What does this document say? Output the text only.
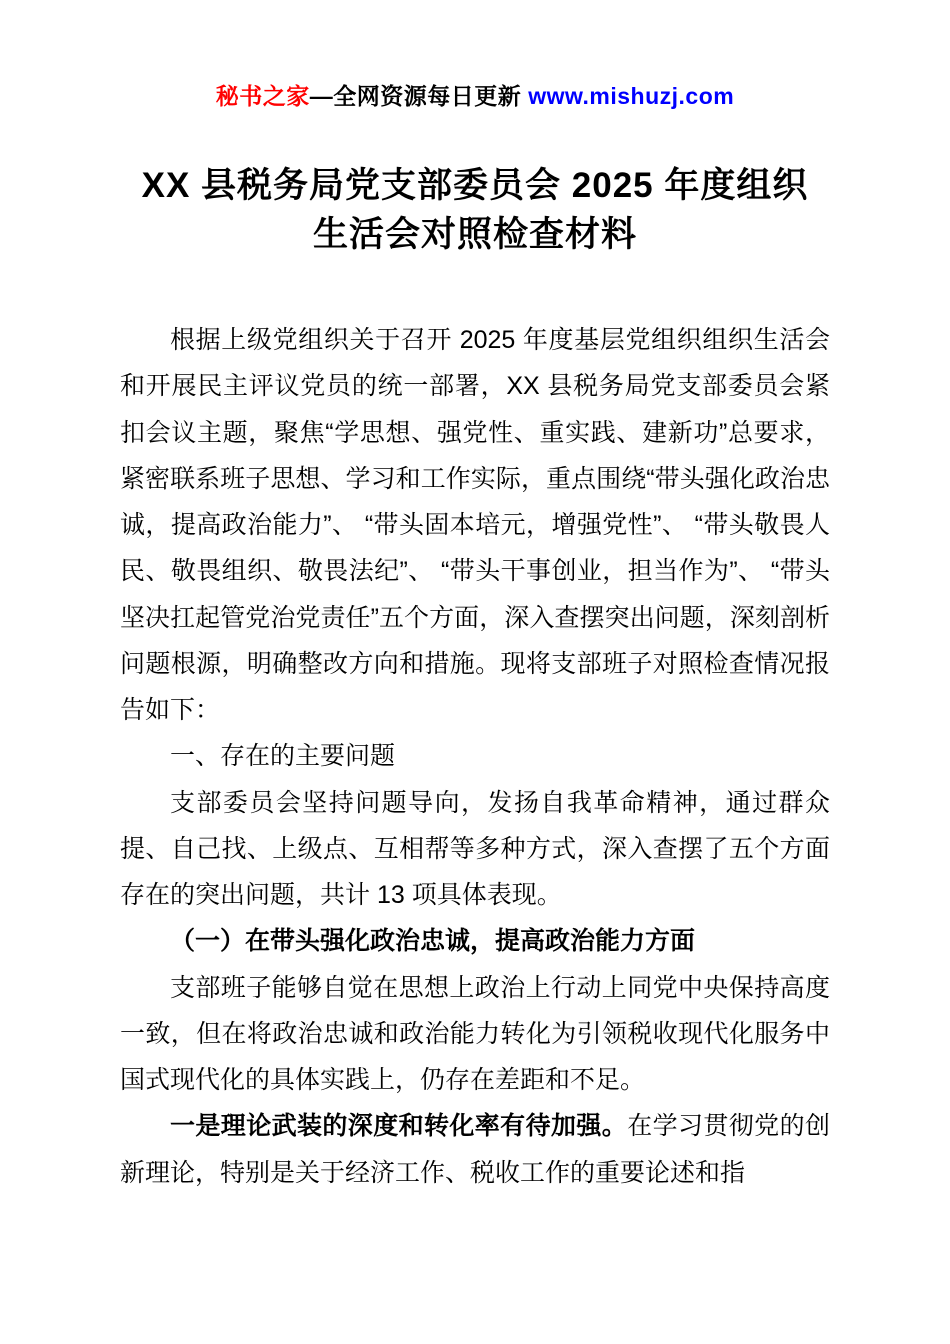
秘书之家—全网资源每日更新 www.mishuzj.com
XX 县税务局党支部委员会 2025 年度组织生活会对照检查材料

根据上级党组织关于召开 2025 年度基层党组织组织生活会和开展民主评议党员的统一部署，XX 县税务局党支部委员会紧扣会议主题，聚焦“学思想、强党性、重实践、建新功”总要求，紧密联系班子思想、学习和工作实际，重点围绕“带头强化政治忠诚，提高政治能力”、 “带头固本培元，增强党性”、 “带头敬畏人民、敬畏组织、敬畏法纪”、 “带头干事创业，担当作为”、 “带头坚决扛起管党治党责任”五个方面，深入查摆突出问题，深刻剖析问题根源，明确整改方向和措施。现将支部班子对照检查情况报告如下：

一、存在的主要问题

支部委员会坚持问题导向，发扬自我革命精神，通过群众提、自己找、上级点、互相帮等多种方式，深入查摆了五个方面存在的突出问题，共计 13 项具体表现。

（一）在带头强化政治忠诚，提高政治能力方面

支部班子能够自觉在思想上政治上行动上同党中央保持高度一致，但在将政治忠诚和政治能力转化为引领税收现代化服务中国式现代化的具体实践上，仍存在差距和不足。

一是理论武装的深度和转化率有待加强。在学习贯彻党的创新理论，特别是关于经济工作、税收工作的重要论述和指
